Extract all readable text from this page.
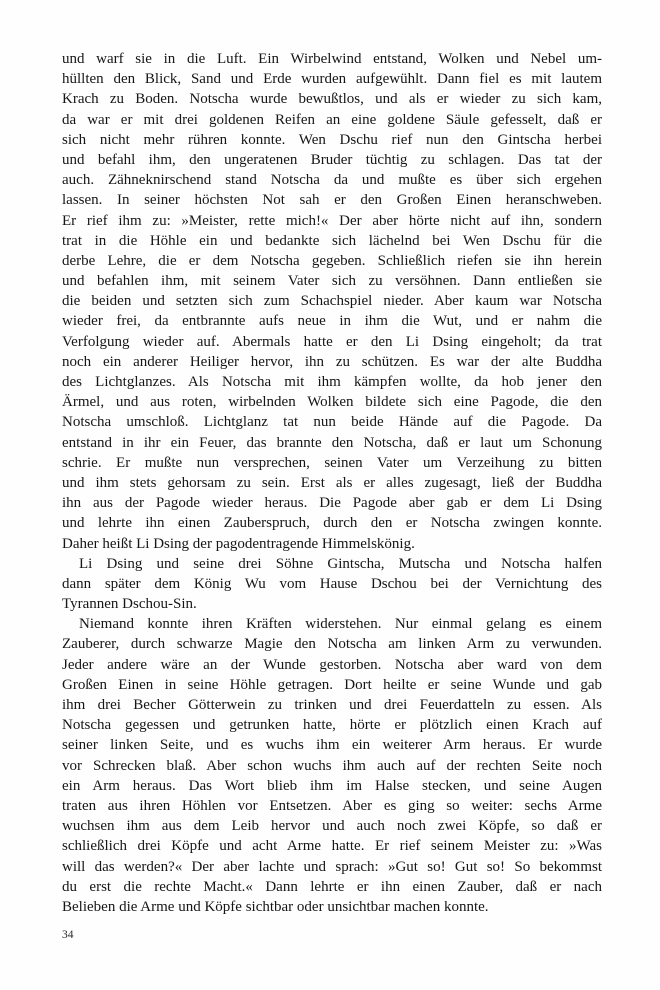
und warf sie in die Luft. Ein Wirbelwind entstand, Wolken und Nebel um-
hüllten den Blick, Sand und Erde wurden aufgewühlt. Dann fiel es mit lautem
Krach zu Boden. Notscha wurde bewußtlos, und als er wieder zu sich kam,
da war er mit drei goldenen Reifen an eine goldene Säule gefesselt, daß er
sich nicht mehr rühren konnte. Wen Dschu rief nun den Gintscha herbei
und befahl ihm, den ungeratenen Bruder tüchtig zu schlagen. Das tat der
auch. Zähneknirschend stand Notscha da und mußte es über sich ergehen
lassen. In seiner höchsten Not sah er den Großen Einen heranschweben.
Er rief ihm zu: »Meister, rette mich!« Der aber hörte nicht auf ihn, sondern
trat in die Höhle ein und bedankte sich lächelnd bei Wen Dschu für die
derbe Lehre, die er dem Notscha gegeben. Schließlich riefen sie ihn herein
und befahlen ihm, mit seinem Vater sich zu versöhnen. Dann entließen sie
die beiden und setzten sich zum Schachspiel nieder. Aber kaum war Notscha
wieder frei, da entbrannte aufs neue in ihm die Wut, und er nahm die
Verfolgung wieder auf. Abermals hatte er den Li Dsing eingeholt; da trat
noch ein anderer Heiliger hervor, ihn zu schützen. Es war der alte Buddha
des Lichtglanzes. Als Notscha mit ihm kämpfen wollte, da hob jener den
Ärmel, und aus roten, wirbelnden Wolken bildete sich eine Pagode, die den
Notscha umschloß. Lichtglanz tat nun beide Hände auf die Pagode. Da
entstand in ihr ein Feuer, das brannte den Notscha, daß er laut um Schonung
schrie. Er mußte nun versprechen, seinen Vater um Verzeihung zu bitten
und ihm stets gehorsam zu sein. Erst als er alles zugesagt, ließ der Buddha
ihn aus der Pagode wieder heraus. Die Pagode aber gab er dem Li Dsing
und lehrte ihn einen Zauberspruch, durch den er Notscha zwingen konnte.
Daher heißt Li Dsing der pagodentragende Himmelskönig.
Li Dsing und seine drei Söhne Gintscha, Mutscha und Notscha halfen
dann später dem König Wu vom Hause Dschou bei der Vernichtung des
Tyrannen Dschou-Sin.
Niemand konnte ihren Kräften widerstehen. Nur einmal gelang es einem
Zauberer, durch schwarze Magie den Notscha am linken Arm zu verwunden.
Jeder andere wäre an der Wunde gestorben. Notscha aber ward von dem
Großen Einen in seine Höhle getragen. Dort heilte er seine Wunde und gab
ihm drei Becher Götterwein zu trinken und drei Feuerdatteln zu essen. Als
Notscha gegessen und getrunken hatte, hörte er plötzlich einen Krach auf
seiner linken Seite, und es wuchs ihm ein weiterer Arm heraus. Er wurde
vor Schrecken blaß. Aber schon wuchs ihm auch auf der rechten Seite noch
ein Arm heraus. Das Wort blieb ihm im Halse stecken, und seine Augen
traten aus ihren Höhlen vor Entsetzen. Aber es ging so weiter: sechs Arme
wuchsen ihm aus dem Leib hervor und auch noch zwei Köpfe, so daß er
schließlich drei Köpfe und acht Arme hatte. Er rief seinem Meister zu: »Was
will das werden?« Der aber lachte und sprach: »Gut so! Gut so! So bekommst
du erst die rechte Macht.« Dann lehrte er ihn einen Zauber, daß er nach
Belieben die Arme und Köpfe sichtbar oder unsichtbar machen konnte.
34
